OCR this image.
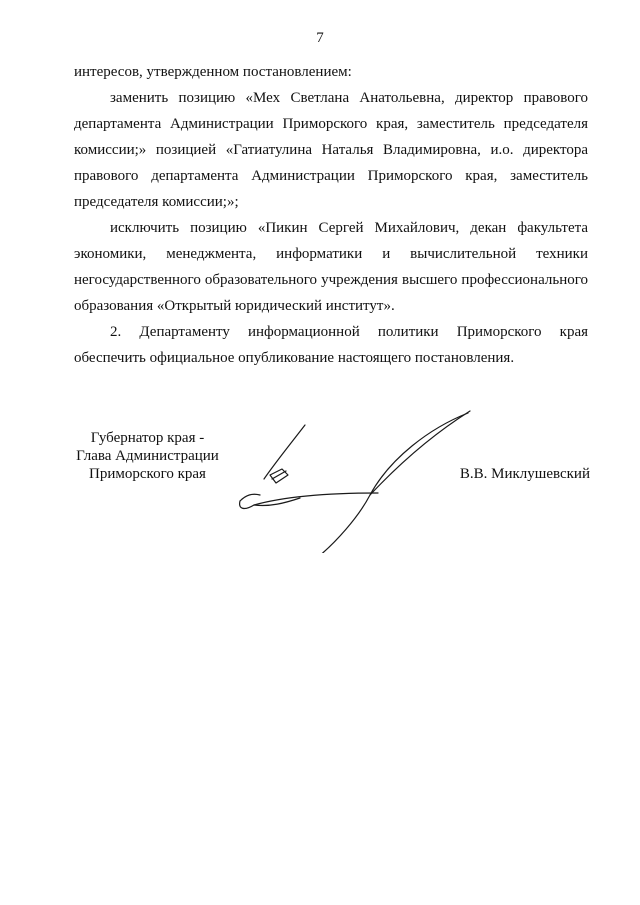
7

интересов, утвержденном постановлением:

заменить позицию «Мех Светлана Анатольевна, директор правового департамента Администрации Приморского края, заместитель председателя комиссии;» позицией «Гатиатулина Наталья Владимировна, и.о. директора правового департамента Администрации Приморского края, заместитель председателя комиссии;»;

исключить позицию «Пикин Сергей Михайлович, декан факультета экономики, менеджмента, информатики и вычислительной техники негосударственного образовательного учреждения высшего профессионального образования «Открытый юридический институт».

2. Департаменту информационной политики Приморского края обеспечить официальное опубликование настоящего постановления.

Губернатор края -
Глава Администрации
Приморского края	В.В. Миклушевский
